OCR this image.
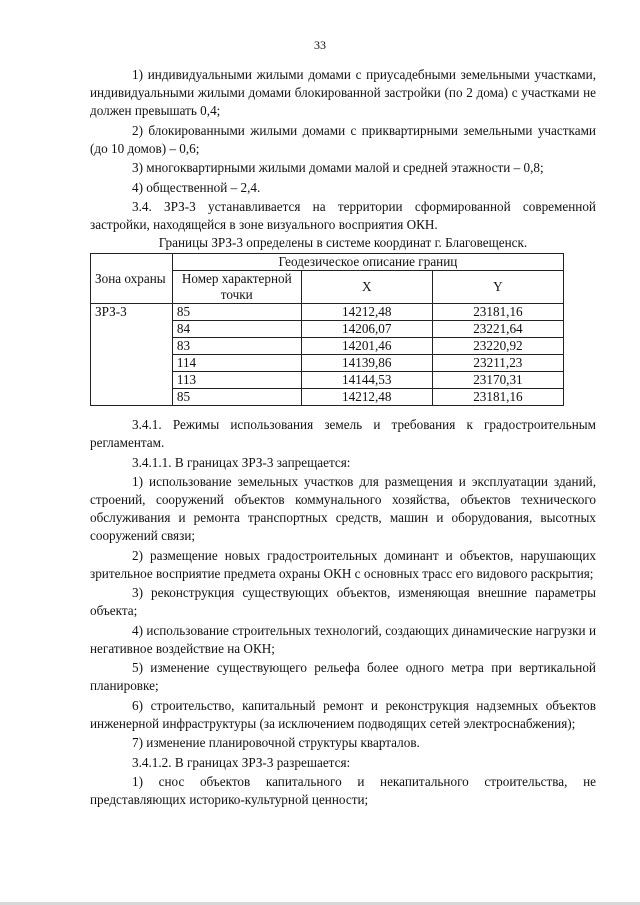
33

1) индивидуальными жилыми домами с приусадебными земельными участками, индивидуальными жилыми домами блокированной застройки (по 2 дома) с участками не должен превышать 0,4;

2) блокированными жилыми домами с приквартирными земельными участками (до 10 домов) – 0,6;

3) многоквартирными жилыми домами малой и средней этажности – 0,8;

4) общественной – 2,4.

3.4. ЗРЗ-3 устанавливается на территории сформированной современной застройки, находящейся в зоне визуального восприятия ОКН.

Границы ЗРЗ-3 определены в системе координат г. Благовещенск.

Зона охраны	Геодезическое описание границ		
	Номер характерной точки	X	Y
ЗРЗ-3	85	14212,48	23181,16
	84	14206,07	23221,64
	83	14201,46	23220,92
	114	14139,86	23211,23
	113	14144,53	23170,31
	85	14212,48	23181,16

3.4.1. Режимы использования земель и требования к градостроительным регламентам.

3.4.1.1. В границах ЗРЗ-3 запрещается:

1) использование земельных участков для размещения и эксплуатации зданий, строений, сооружений объектов коммунального хозяйства, объектов технического обслуживания и ремонта транспортных средств, машин и оборудования, высотных сооружений связи;

2) размещение новых градостроительных доминант и объектов, нарушающих зрительное восприятие предмета охраны ОКН с основных трасс его видового раскрытия;

3) реконструкция существующих объектов, изменяющая внешние параметры объекта;

4) использование строительных технологий, создающих динамические нагрузки и негативное воздействие на ОКН;

5) изменение существующего рельефа более одного метра при вертикальной планировке;

6) строительство, капитальный ремонт и реконструкция надземных объектов инженерной инфраструктуры (за исключением подводящих сетей электроснабжения);

7) изменение планировочной структуры кварталов.

3.4.1.2. В границах ЗРЗ-3 разрешается:

1) снос объектов капитального и некапитального строительства, не представляющих историко-культурной ценности;
